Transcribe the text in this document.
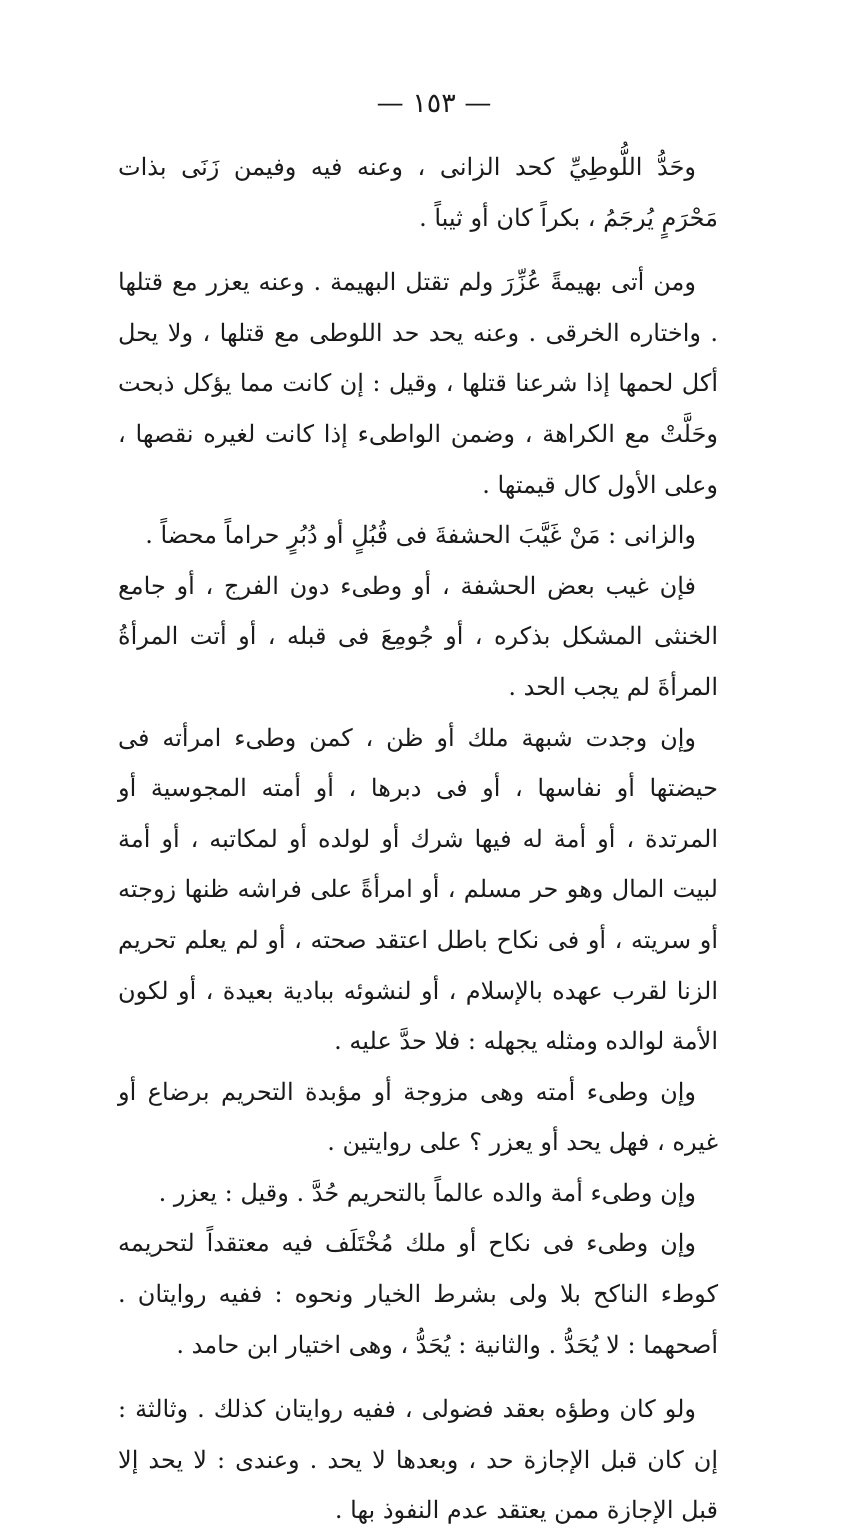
— ١٥٣ —

وحَدُّ اللُّوطِيِّ كحد الزانى ، وعنه فيه وفيمن زَنَى بذات مَحْرَمٍ يُرجَمُ ، بكراً كان أو ثيباً .

ومن أتى بهيمةً عُزِّرَ ولم تقتل البهيمة . وعنه يعزر مع قتلها . واختاره الخرقى . وعنه يحد حد اللوطى مع قتلها ، ولا يحل أكل لحمها إذا شرعنا قتلها ، وقيل : إن كانت مما يؤكل ذبحت وحَلَّتْ مع الكراهة ، وضمن الواطىء إذا كانت لغيره نقصها ، وعلى الأول كال قيمتها .

والزانى : مَنْ غَيَّبَ الحشفةَ فى قُبُلٍ أو دُبُرٍ حراماً محضاً .

فإن غيب بعض الحشفة ، أو وطىء دون الفرج ، أو جامع الخنثى المشكل بذكره ، أو جُومِعَ فى قبله ، أو أتت المرأةُ المرأةَ لم يجب الحد .

وإن وجدت شبهة ملك أو ظن ، كمن وطىء امرأته فى حيضتها أو نفاسها ، أو فى دبرها ، أو أمته المجوسية أو المرتدة ، أو أمة له فيها شرك أو لولده أو لمكاتبه ، أو أمة لبيت المال وهو حر مسلم ، أو امرأةً على فراشه ظنها زوجته أو سريته ، أو فى نكاح باطل اعتقد صحته ، أو لم يعلم تحريم الزنا لقرب عهده بالإسلام ، أو لنشوئه ببادية بعيدة ، أو لكون الأمة لوالده ومثله يجهله : فلا حدَّ عليه .

وإن وطىء أمته وهى مزوجة أو مؤبدة التحريم برضاع أو غيره ، فهل يحد أو يعزر ؟ على روايتين .

وإن وطىء أمة والده عالماً بالتحريم حُدَّ . وقيل : يعزر .

وإن وطىء فى نكاح أو ملك مُخْتَلَف فيه معتقداً لتحريمه كوطء الناكح بلا ولى بشرط الخيار ونحوه : ففيه روايتان . أصحهما : لا يُحَدُّ . والثانية : يُحَدُّ ، وهى اختيار ابن حامد .

ولو كان وطؤه بعقد فضولى ، ففيه روايتان كذلك . وثالثة : إن كان قبل الإجازة حد ، وبعدها لا يحد . وعندى : لا يحد إلا قبل الإجازة ممن يعتقد عدم النفوذ بها .
